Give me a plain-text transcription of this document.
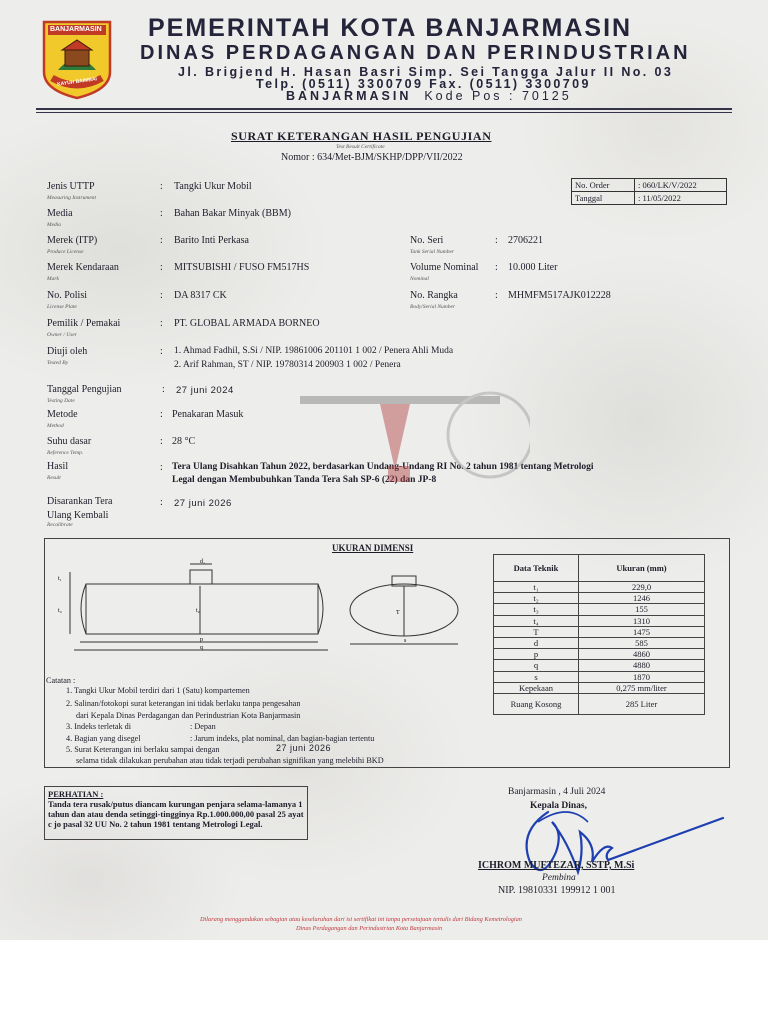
BANJARMASIN
KAYUH BAIMBAI
PEMERINTAH KOTA BANJARMASIN
DINAS PERDAGANGAN DAN PERINDUSTRIAN
Jl. Brigjend H. Hasan Basri Simp. Sei Tangga Jalur II No. 03
Telp. (0511) 3300709 Fax. (0511) 3300709
BANJARMASIN Kode Pos : 70125
SURAT KETERANGAN HASIL PENGUJIAN
Test Result Certificate
Nomor : 634/Met-BJM/SKHP/DPP/VII/2022
No. Order	: 060/LK/V/2022
Tanggal	: 11/05/2022
Jenis UTTP
Measuring Instrument
: Tangki Ukur Mobil
Media
Media
: Bahan Bakar Minyak (BBM)
Merek (ITP)
Produce License
: Barito Inti Perkasa
Merek Kendaraan
Mark
: MITSUBISHI / FUSO FM517HS
No. Polisi
License Plate
: DA 8317 CK
Pemilik / Pemakai
Owner / User
: PT. GLOBAL ARMADA BORNEO
Diuji oleh
Tested By
: 1. Ahmad Fadhil, S.Si / NIP. 19861006 201101 1 002 / Penera Ahli Muda
2. Arif Rahman, ST / NIP. 19780314 200903 1 002 / Penera
Tanggal Pengujian
Testing Date
: 27 juni 2024
Metode
Method
: Penakaran Masuk
Suhu dasar
Reference Temp.
: 28 °C
Hasil
Result
: Tera Ulang Disahkan Tahun 2022, berdasarkan Undang-Undang RI No. 2 tahun 1981 tentang Metrologi
Legal dengan Membubuhkan Tanda Tera Sah SP-6 (22) dan JP-8
Disarankan Tera
Ulang Kembali
Recalibrate
: 27 juni 2026
No. Seri
Tank Serial Number
: 2706221
Volume Nominal
Nominal
: 10.000 Liter
No. Rangka
Body/Serial Number
: MHMFM517AJK012228
UKURAN DIMENSI
d₁
t₁
t₄	t₂
p
q
T
s
Data Teknik	Ukuran (mm)
t₁	229,0
t₂	1246
t₃	155
t₄	1310
T	1475
d	585
p	4860
q	4880
s	1870
Kepekaan	0,275 mm/liter
Ruang Kosong	285 Liter
Catatan :
1. Tangki Ukur Mobil terdiri dari 1 (Satu) kompartemen
2. Salinan/fotokopi surat keterangan ini tidak berlaku tanpa pengesahan
dari Kepala Dinas Perdagangan dan Perindustrian Kota Banjarmasin
3. Indeks terletak di	: Depan
4. Bagian yang disegel	: Jarum indeks, plat nominal, dan bagian-bagian tertentu
5. Surat Keterangan ini berlaku sampai dengan	27 juni 2026
selama tidak dilakukan perubahan atau tidak terjadi perubahan signifikan yang melebihi BKD
PERHATIAN :
Tanda tera rusak/putus diancam kurungan penjara selama-lamanya 1 tahun dan atau denda setinggi-tingginya Rp.1.000.000,00 pasal 25 ayat c jo pasal 32 UU No. 2 tahun 1981 tentang Metrologi Legal.
Banjarmasin , 4 Juli 2024
Kepala Dinas,
ICHROM MUFTEZAR, SSTP, M.Si
Pembina
NIP. 19810331 199912 1 001
Dilarang menggandakan sebagian atau keseluruhan dari isi sertifikat ini tanpa persetujuan tertulis dari Bidang Kemetrologian
Dinas Perdagangan dan Perindustrian Kota Banjarmasin
